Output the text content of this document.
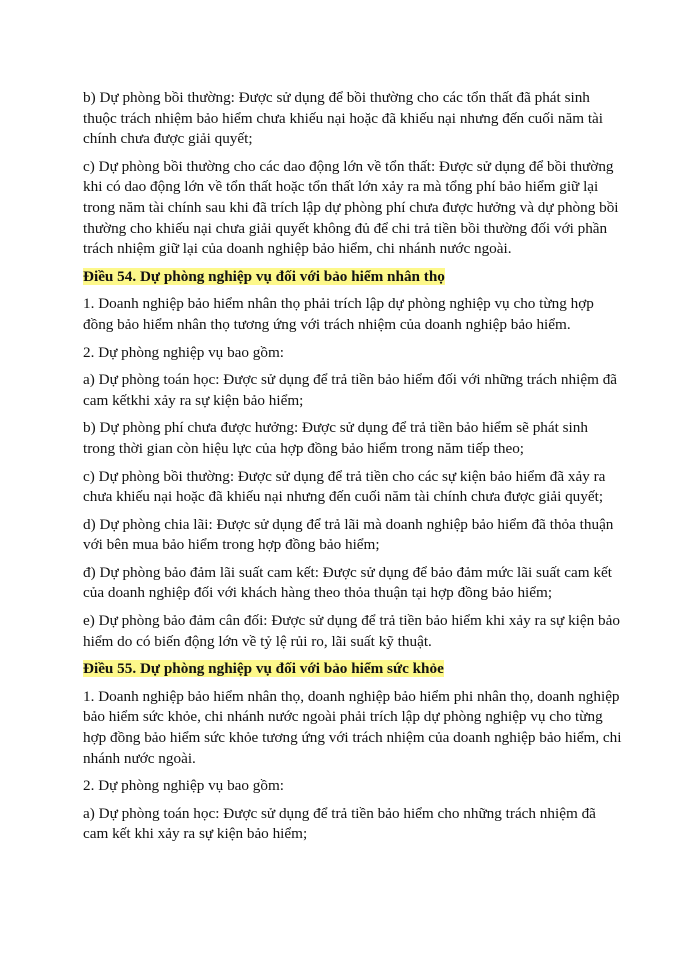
b) Dự phòng bồi thường: Được sử dụng để bồi thường cho các tổn thất đã phát sinh thuộc trách nhiệm bảo hiểm chưa khiếu nại hoặc đã khiếu nại nhưng đến cuối năm tài chính chưa được giải quyết;

c) Dự phòng bồi thường cho các dao động lớn về tổn thất: Được sử dụng để bồi thường khi có dao động lớn về tổn thất hoặc tổn thất lớn xảy ra mà tổng phí bảo hiểm giữ lại trong năm tài chính sau khi đã trích lập dự phòng phí chưa được hưởng và dự phòng bồi thường cho khiếu nại chưa giải quyết không đủ để chi trả tiền bồi thường đối với phần trách nhiệm giữ lại của doanh nghiệp bảo hiểm, chi nhánh nước ngoài.

Điều 54. Dự phòng nghiệp vụ đối với bảo hiểm nhân thọ

1. Doanh nghiệp bảo hiểm nhân thọ phải trích lập dự phòng nghiệp vụ cho từng hợp đồng bảo hiểm nhân thọ tương ứng với trách nhiệm của doanh nghiệp bảo hiểm.

2. Dự phòng nghiệp vụ bao gồm:

a) Dự phòng toán học: Được sử dụng để trả tiền bảo hiểm đối với những trách nhiệm đã cam kếtkhi xảy ra sự kiện bảo hiểm;

b) Dự phòng phí chưa được hưởng: Được sử dụng để trả tiền bảo hiểm sẽ phát sinh trong thời gian còn hiệu lực của hợp đồng bảo hiểm trong năm tiếp theo;

c) Dự phòng bồi thường: Được sử dụng để trả tiền cho các sự kiện bảo hiểm đã xảy ra chưa khiếu nại hoặc đã khiếu nại nhưng đến cuối năm tài chính chưa được giải quyết;

d) Dự phòng chia lãi: Được sử dụng để trả lãi mà doanh nghiệp bảo hiểm đã thỏa thuận với bên mua bảo hiểm trong hợp đồng bảo hiểm;

đ) Dự phòng bảo đảm lãi suất cam kết: Được sử dụng để bảo đảm mức lãi suất cam kết của doanh nghiệp đối với khách hàng theo thỏa thuận tại hợp đồng bảo hiểm;

e) Dự phòng bảo đảm cân đối: Được sử dụng để trả tiền bảo hiểm khi xảy ra sự kiện bảo hiểm do có biến động lớn về tỷ lệ rủi ro, lãi suất kỹ thuật.

Điều 55. Dự phòng nghiệp vụ đối với bảo hiểm sức khỏe

1. Doanh nghiệp bảo hiểm nhân thọ, doanh nghiệp bảo hiểm phi nhân thọ, doanh nghiệp bảo hiểm sức khỏe, chi nhánh nước ngoài phải trích lập dự phòng nghiệp vụ cho từng hợp đồng bảo hiểm sức khỏe tương ứng với trách nhiệm của doanh nghiệp bảo hiểm, chi nhánh nước ngoài.

2. Dự phòng nghiệp vụ bao gồm:

a) Dự phòng toán học: Được sử dụng để trả tiền bảo hiểm cho những trách nhiệm đã cam kết khi xảy ra sự kiện bảo hiểm;
